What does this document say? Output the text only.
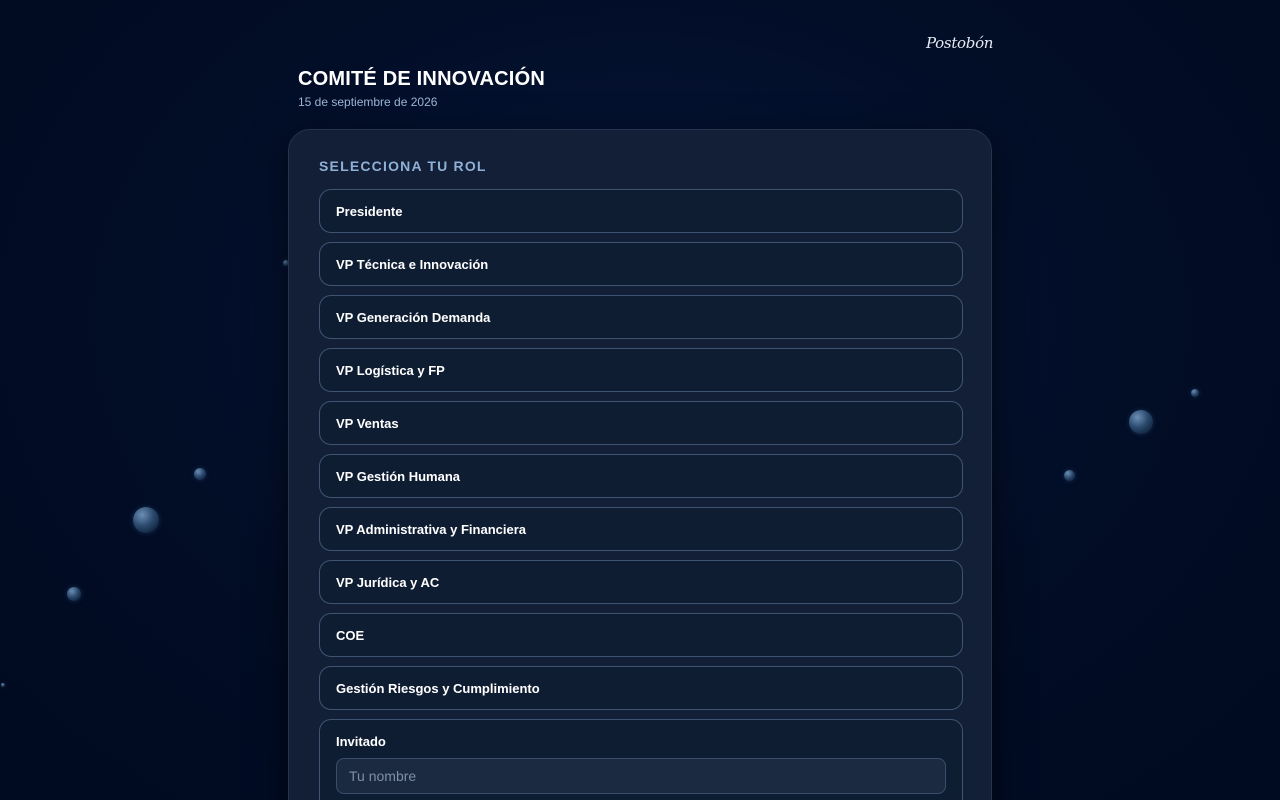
Postobón
COMITÉ DE INNOVACIÓN
15 de septiembre de 2026
SELECCIONA TU ROL
Presidente
VP Técnica e Innovación
VP Generación Demanda
VP Logística y FP
VP Ventas
VP Gestión Humana
VP Administrativa y Financiera
VP Jurídica y AC
COE
Gestión Riesgos y Cumplimiento
Invitado
Tu nombre
